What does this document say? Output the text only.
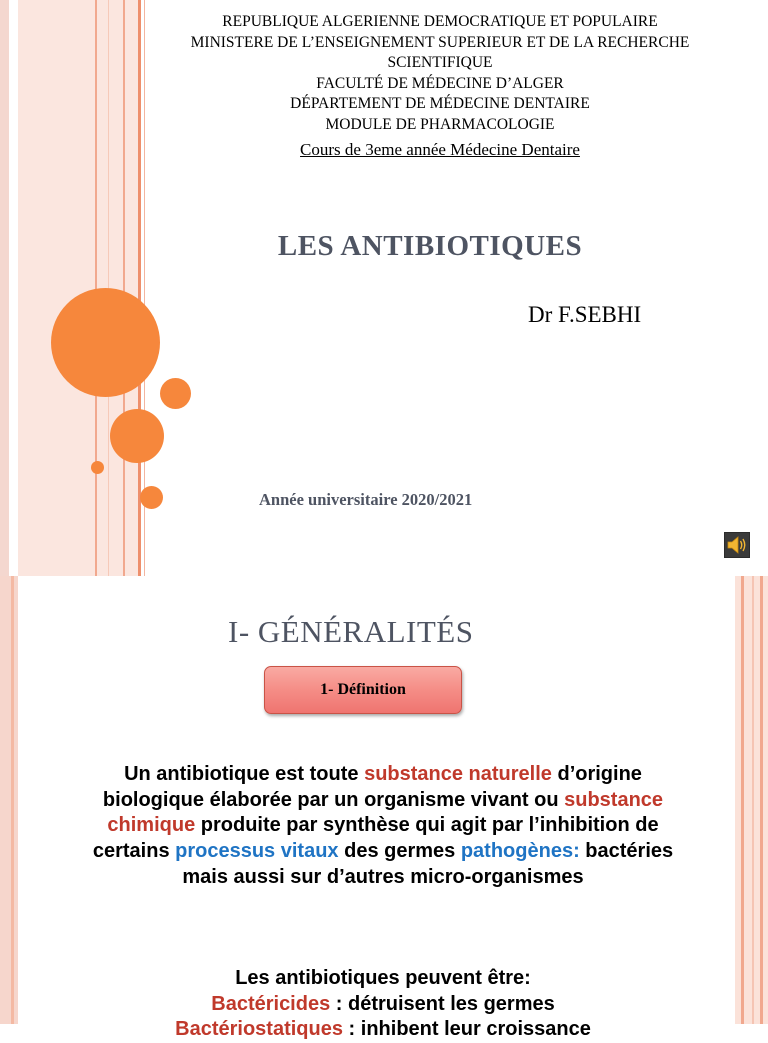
REPUBLIQUE ALGERIENNE DEMOCRATIQUE ET POPULAIRE
MINISTERE DE L’ENSEIGNEMENT SUPERIEUR ET DE LA RECHERCHE
SCIENTIFIQUE
FACULTÉ DE MÉDECINE D’ALGER
DÉPARTEMENT DE MÉDECINE DENTAIRE
MODULE DE PHARMACOLOGIE
Cours de 3eme année Médecine Dentaire
LES ANTIBIOTIQUES
Dr F.SEBHI
Année universitaire 2020/2021
I- GÉNÉRALITÉS
1- Définition
Un antibiotique est toute substance naturelle d’origine biologique élaborée par un organisme vivant ou substance chimique produite par synthèse qui agit par l’inhibition de certains processus vitaux des germes pathogènes: bactéries mais aussi sur d’autres micro-organismes
Les antibiotiques peuvent être:
Bactéricides : détruisent les germes
Bactériostatiques : inhibent leur croissance
